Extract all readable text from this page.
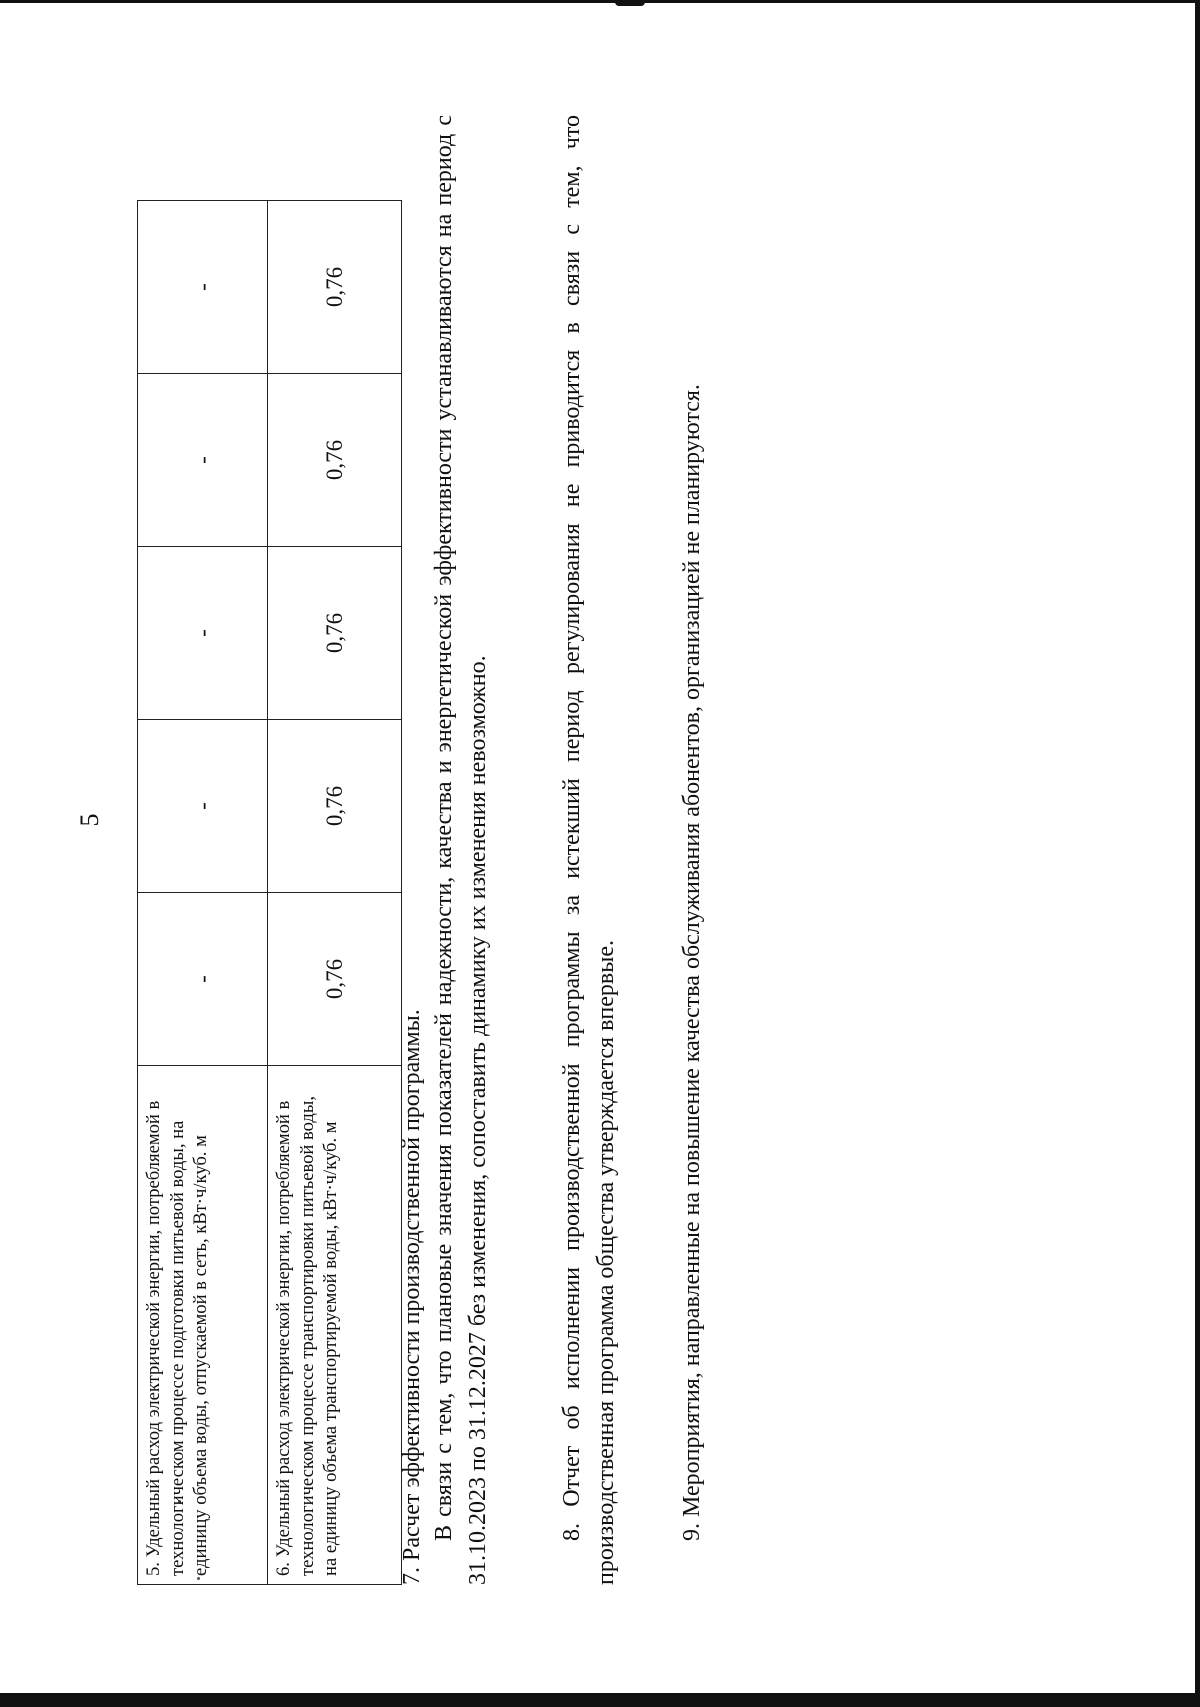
5
5. Удельный расход электрической энергии, потребляемой в технологическом процессе подготовки питьевой воды, на единицу объема воды, отпускаемой в сеть, кВт·ч/куб. м	-	-	-	-	-
6. Удельный расход электрической энергии, потребляемой в технологическом процессе транспортировки питьевой воды, на единицу объема транспортируемой воды, кВт·ч/куб. м	0,76	0,76	0,76	0,76	0,76

7. Расчет эффективности производственной программы. В связи с тем, что плановые значения показателей надежности, качества и энергетической эффективности устанавливаются на период с 31.10.2023 по 31.12.2027 без изменения, сопоставить динамику их изменения невозможно.	8. Отчет об исполнении производственной программы за истекший период регулирования не приводится в связи с тем, что производственная программа общества утверждается впервые.	9. Мероприятия, направленные на повышение качества обслуживания абонентов, организацией не планируются.
